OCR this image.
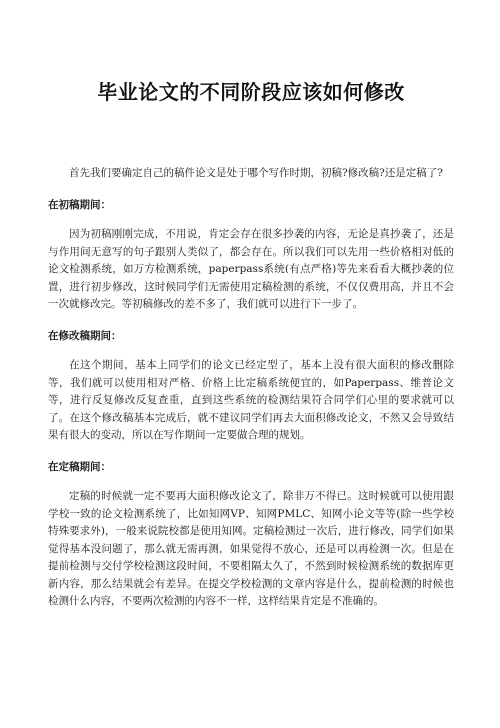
毕业论文的不同阶段应该如何修改

首先我们要确定自己的稿件论文是处于哪个写作时期，初稿?修改稿?还是定稿了?

在初稿期间：

因为初稿刚刚完成，不用说，肯定会存在很多抄袭的内容，无论是真抄袭了，还是与作用间无意写的句子跟别人类似了，都会存在。所以我们可以先用一些价格相对低的论文检测系统，如万方检测系统，paperpass系统(有点严格)等先来看看大概抄袭的位置，进行初步修改，这时候同学们无需使用定稿检测的系统，不仅仅费用高，并且不会一次就修改完。等初稿修改的差不多了，我们就可以进行下一步了。

在修改稿期间：

在这个期间，基本上同学们的论文已经定型了，基本上没有很大面积的修改删除等，我们就可以使用相对严格、价格上比定稿系统便宜的，如Paperpass、维普论文等，进行反复修改反复查重，直到这些系统的检测结果符合同学们心里的要求就可以了。在这个修改稿基本完成后，就不建议同学们再去大面积修改论文，不然又会导致结果有很大的变动，所以在写作期间一定要做合理的规划。

在定稿期间：

定稿的时候就一定不要再大面积修改论文了，除非万不得已。这时候就可以使用跟学校一致的论文检测系统了，比如知网VP、知网PMLC、知网小论文等等(除一些学校特殊要求外)，一般来说院校都是使用知网。定稿检测过一次后，进行修改，同学们如果觉得基本没问题了，那么就无需再测，如果觉得不放心，还是可以再检测一次。但是在提前检测与交付学校检测这段时间，不要相隔太久了，不然到时候检测系统的数据库更新内容，那么结果就会有差异。在提交学校检测的文章内容是什么，提前检测的时候也检测什么内容，不要两次检测的内容不一样，这样结果肯定是不准确的。
